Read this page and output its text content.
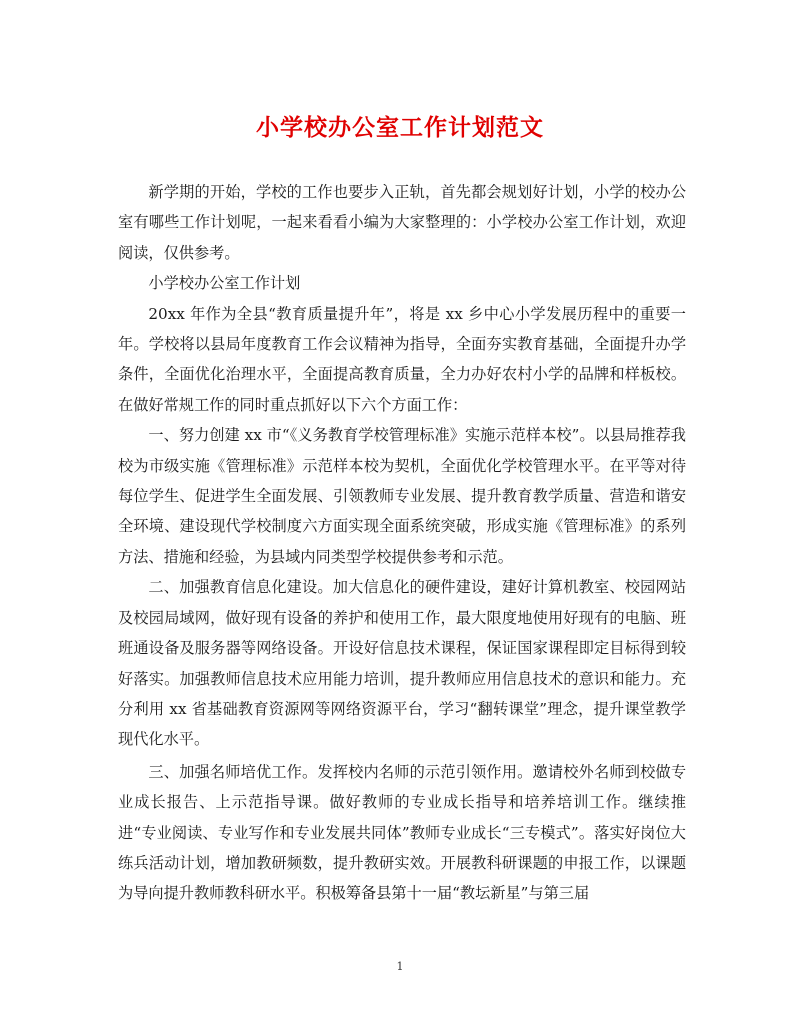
小学校办公室工作计划范文

新学期的开始，学校的工作也要步入正轨，首先都会规划好计划，小学的校办公室有哪些工作计划呢，一起来看看小编为大家整理的：小学校办公室工作计划，欢迎阅读，仅供参考。

小学校办公室工作计划

20xx 年作为全县“教育质量提升年”，将是 xx 乡中心小学发展历程中的重要一年。学校将以县局年度教育工作会议精神为指导，全面夯实教育基础，全面提升办学条件，全面优化治理水平，全面提高教育质量，全力办好农村小学的品牌和样板校。在做好常规工作的同时重点抓好以下六个方面工作：

一、努力创建 xx 市“《义务教育学校管理标准》实施示范样本校”。以县局推荐我校为市级实施《管理标准》示范样本校为契机，全面优化学校管理水平。在平等对待每位学生、促进学生全面发展、引领教师专业发展、提升教育教学质量、营造和谐安全环境、建设现代学校制度六方面实现全面系统突破，形成实施《管理标准》的系列方法、措施和经验，为县域内同类型学校提供参考和示范。

二、加强教育信息化建设。加大信息化的硬件建设，建好计算机教室、校园网站及校园局域网，做好现有设备的养护和使用工作，最大限度地使用好现有的电脑、班班通设备及服务器等网络设备。开设好信息技术课程，保证国家课程即定目标得到较好落实。加强教师信息技术应用能力培训，提升教师应用信息技术的意识和能力。充分利用 xx 省基础教育资源网等网络资源平台，学习“翻转课堂”理念，提升课堂教学现代化水平。

三、加强名师培优工作。发挥校内名师的示范引领作用。邀请校外名师到校做专业成长报告、上示范指导课。做好教师的专业成长指导和培养培训工作。继续推进“专业阅读、专业写作和专业发展共同体”教师专业成长“三专模式”。落实好岗位大练兵活动计划，增加教研频数，提升教研实效。开展教科研课题的申报工作，以课题为导向提升教师教科研水平。积极筹备县第十一届“教坛新星”与第三届

1
